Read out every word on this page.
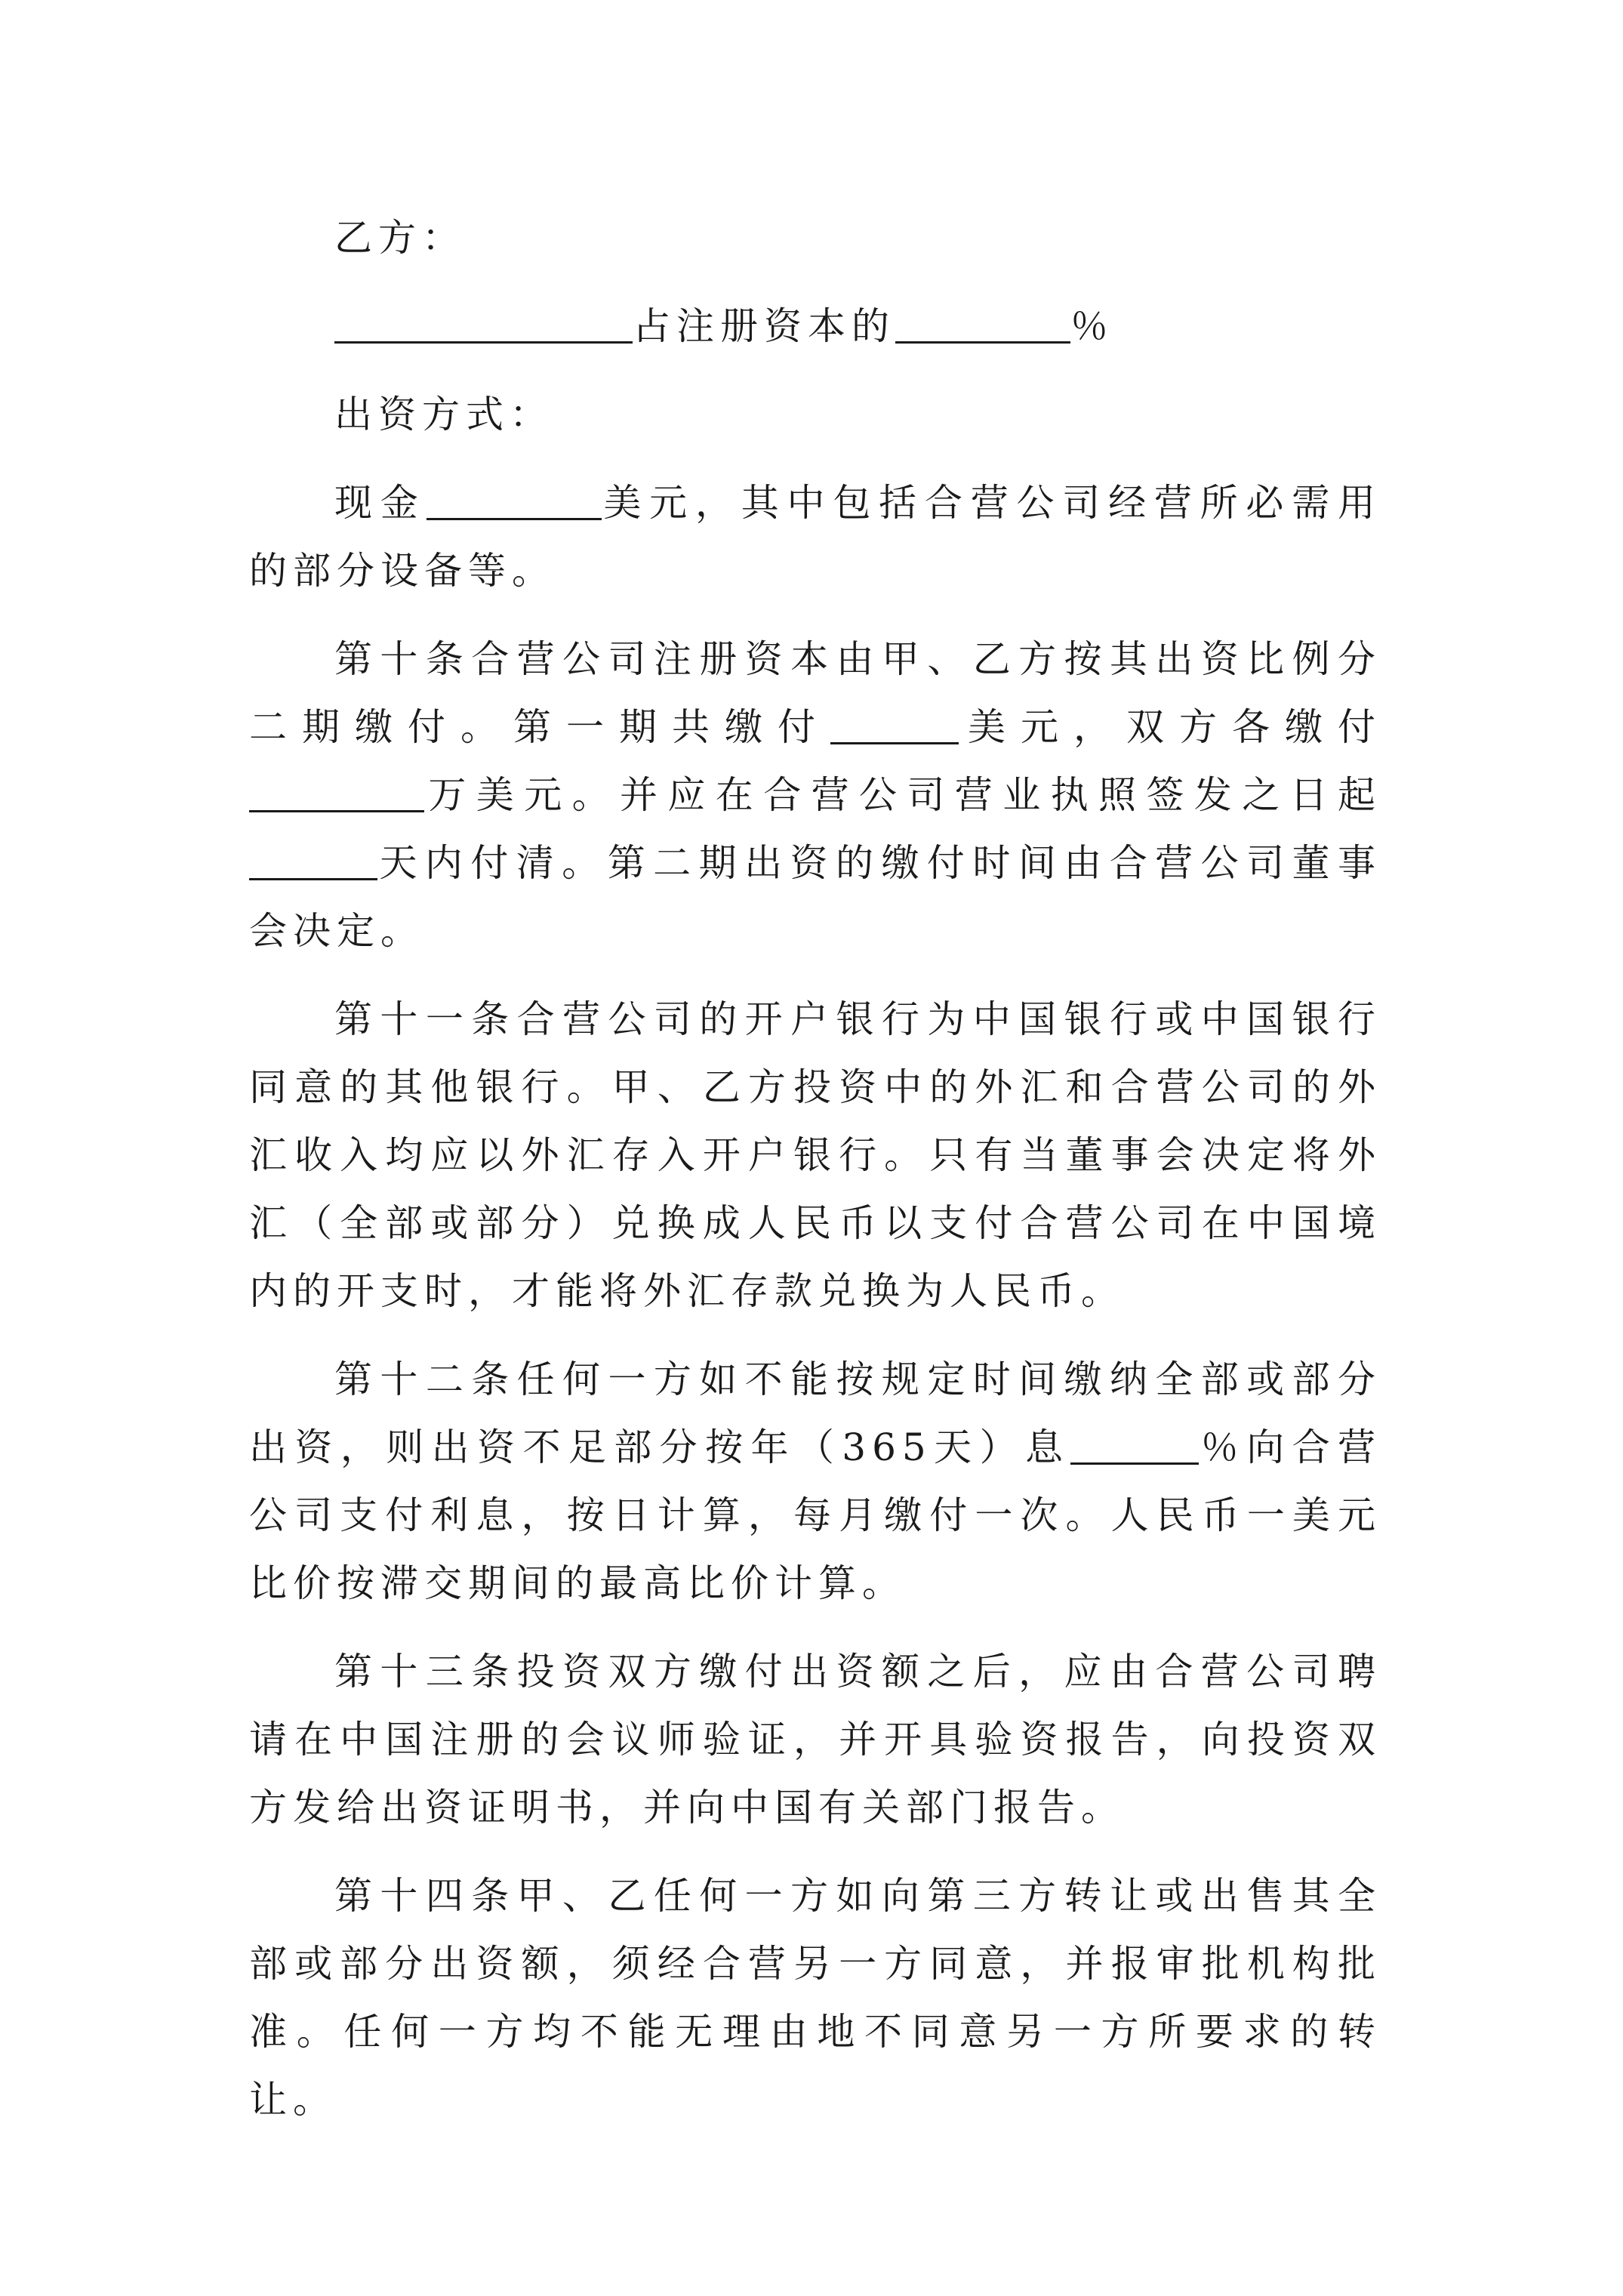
乙方：

占注册资本的	％

出资方式：

现金	美元，其中包括合营公司经营所必需用的部分设备等。

第十条合营公司注册资本由甲、乙方按其出资比例分二期缴付。第一期共缴付	美元，双方各缴付万美元。并应在合营公司营业执照签发之日起天内付清。第二期出资的缴付时间由合营公司董事会决定。

第十一条合营公司的开户银行为中国银行或中国银行同意的其他银行。甲、乙方投资中的外汇和合营公司的外汇收入均应以外汇存入开户银行。只有当董事会决定将外汇（全部或部分）兑换成人民币以支付合营公司在中国境内的开支时，才能将外汇存款兑换为人民币。

第十二条任何一方如不能按规定时间缴纳全部或部分出资，则出资不足部分按年（365天）息	％向合营公司支付利息，按日计算，每月缴付一次。人民币一美元比价按滞交期间的最高比价计算。

第十三条投资双方缴付出资额之后，应由合营公司聘请在中国注册的会议师验证，并开具验资报告，向投资双方发给出资证明书，并向中国有关部门报告。

第十四条甲、乙任何一方如向第三方转让或出售其全部或部分出资额，须经合营另一方同意，并报审批机构批准。任何一方均不能无理由地不同意另一方所要求的转让。
